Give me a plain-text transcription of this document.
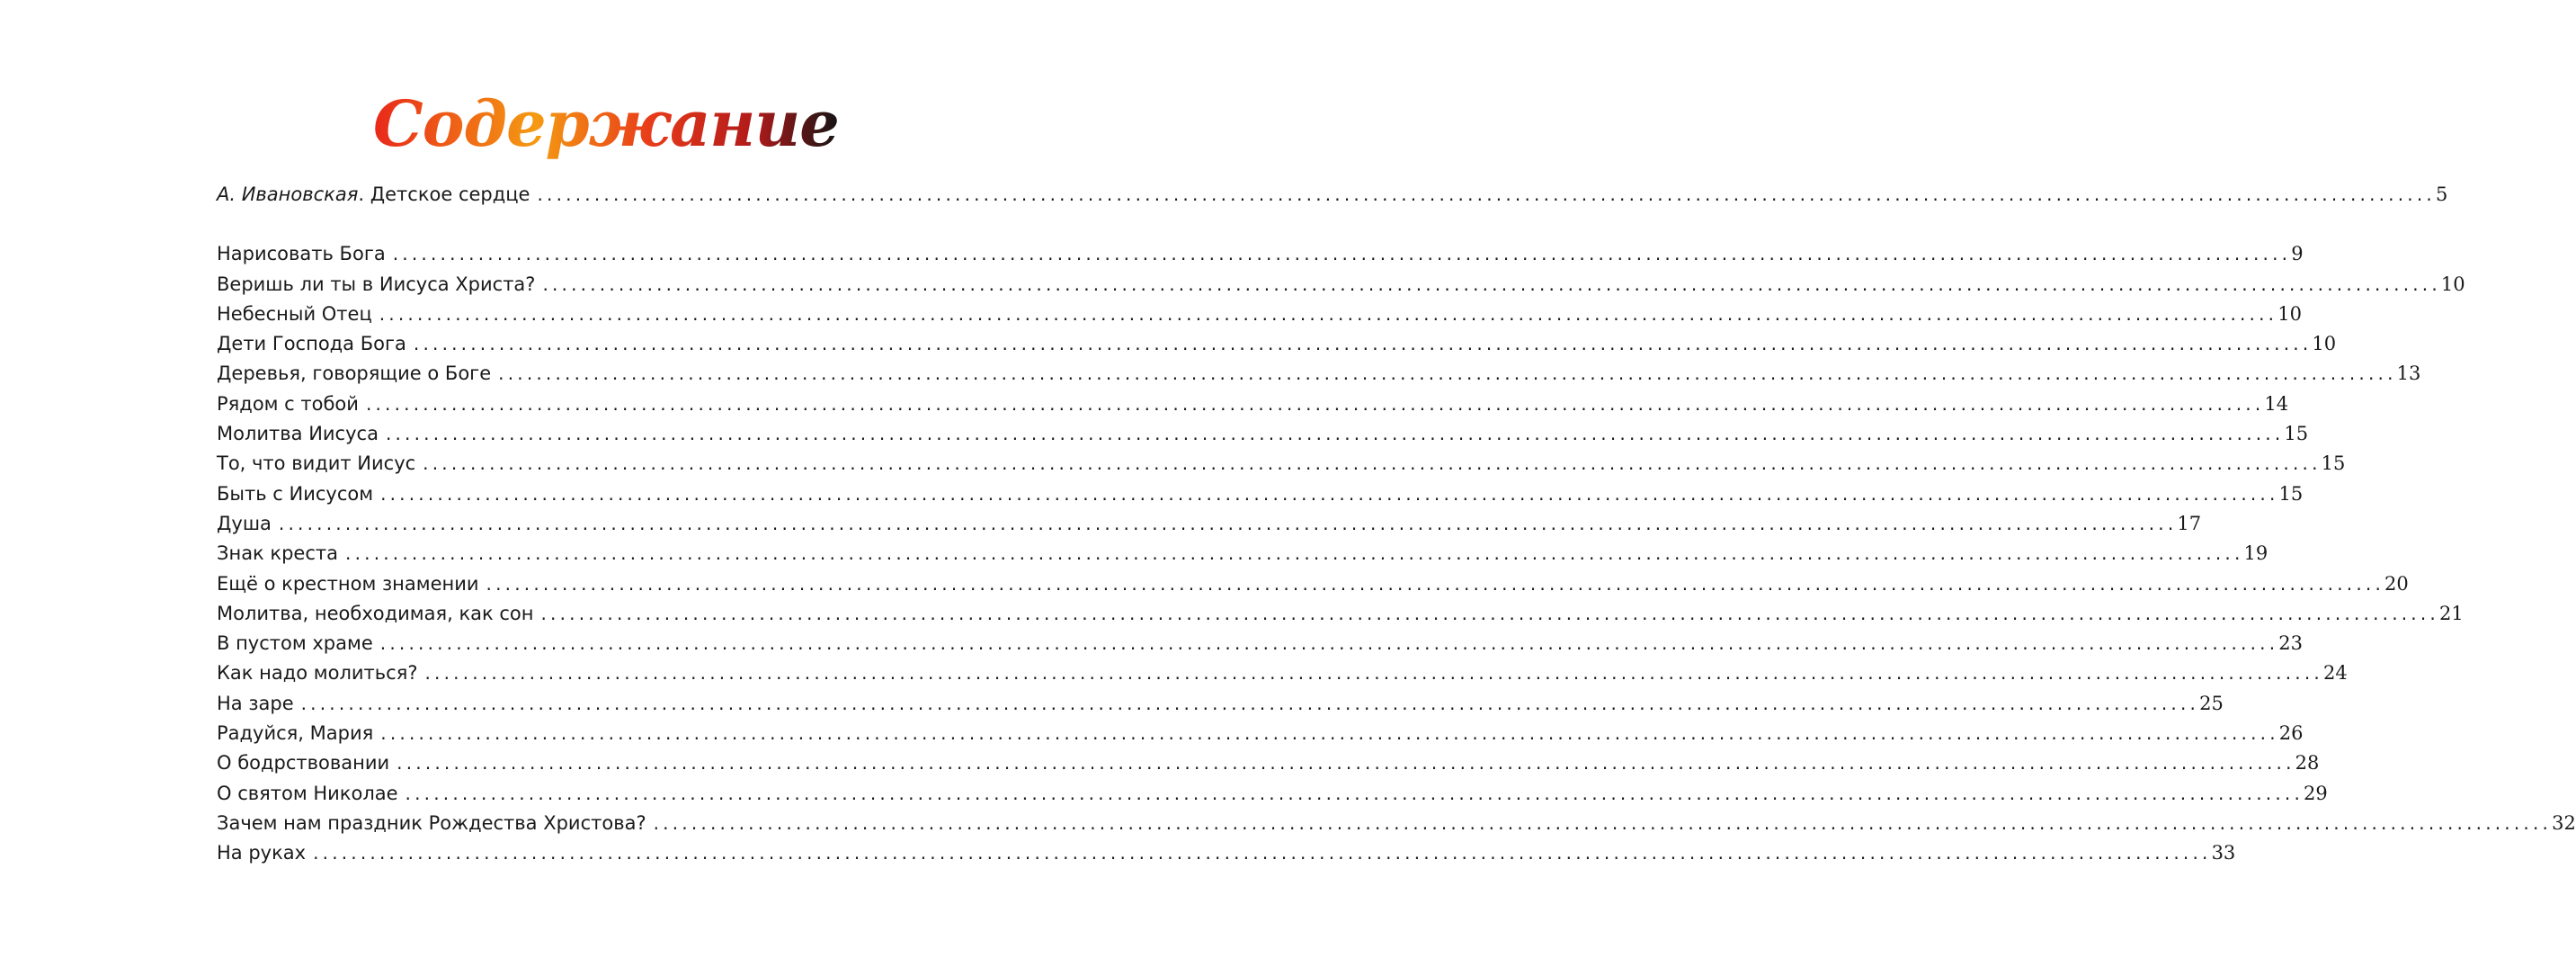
Содержание
А. Ивановская. Детское сердце ........................................................................................................................................................................................................ 5
Нарисовать Бога ........................................................................................................................................................................................................ 9
Веришь ли ты в Иисуса Христа? ........................................................................................................................................................................................................ 10
Небесный Отец ........................................................................................................................................................................................................ 10
Дети Господа Бога ........................................................................................................................................................................................................ 10
Деревья, говорящие о Боге ........................................................................................................................................................................................................ 13
Рядом с тобой ........................................................................................................................................................................................................ 14
Молитва Иисуса ........................................................................................................................................................................................................ 15
То, что видит Иисус ........................................................................................................................................................................................................ 15
Быть с Иисусом ........................................................................................................................................................................................................ 15
Душа ........................................................................................................................................................................................................ 17
Знак креста ........................................................................................................................................................................................................ 19
Ещё о крестном знамении ........................................................................................................................................................................................................ 20
Молитва, необходимая, как сон ........................................................................................................................................................................................................ 21
В пустом храме ........................................................................................................................................................................................................ 23
Как надо молиться? ........................................................................................................................................................................................................ 24
На заре ........................................................................................................................................................................................................ 25
Радуйся, Мария ........................................................................................................................................................................................................ 26
О бодрствовании ........................................................................................................................................................................................................ 28
О святом Николае ........................................................................................................................................................................................................ 29
Зачем нам праздник Рождества Христова? ........................................................................................................................................................................................................ 32
На руках ........................................................................................................................................................................................................ 33
